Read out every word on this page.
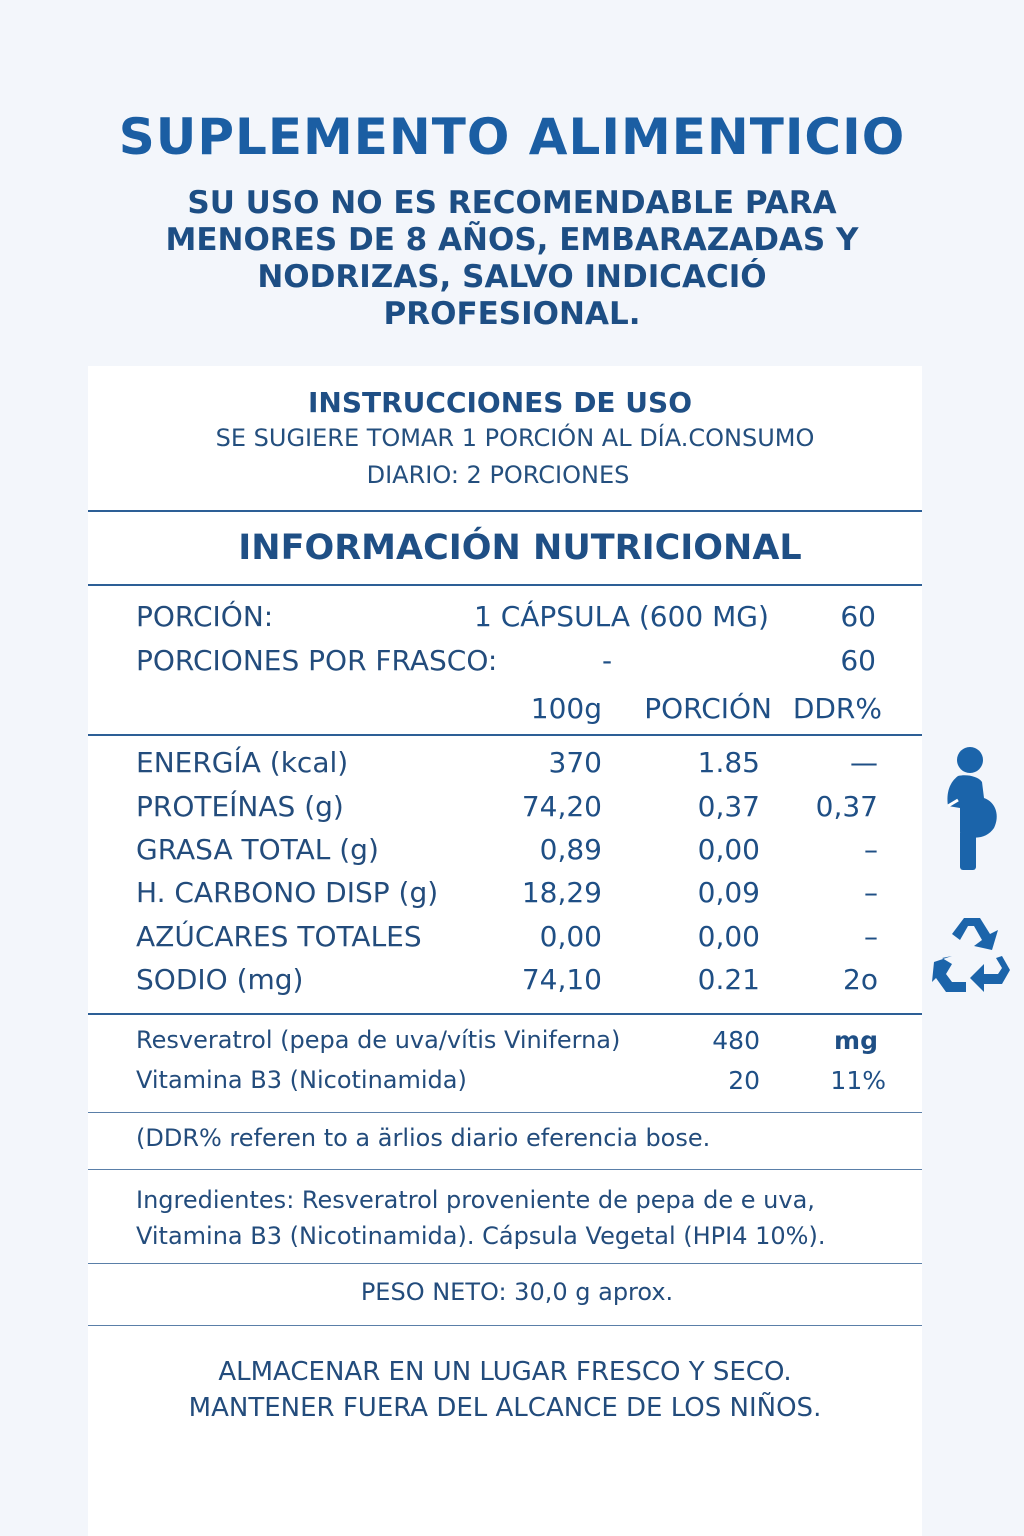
SUPLEMENTO ALIMENTICIO
SU USO NO ES RECOMENDABLE PARA
MENORES DE 8 AÑOS, EMBARAZADAS Y
NODRIZAS, SALVO INDICACIÓ
PROFESIONAL.
INSTRUCCIONES DE USO
SE SUGIERE TOMAR 1 PORCIÓN AL DÍA.CONSUMO
DIARIO: 2 PORCIONES
INFORMACIÓN NUTRICIONAL
PORCIÓN:	1 CÁPSULA (600 MG)	60
PORCIONES POR FRASCO:	-	60
100g PORCIÓN DDR%
ENERGÍA (kcal)	370	1.85	—
PROTEÍNAS (g)	74,20	0,37 0,37
GRASA TOTAL (g)	0,89	0,00	–
H. CARBONO DISP (g)	18,29	0,09	–
AZÚCARES TOTALES	0,00	0,00	–
SODIO (mg)	74,10	0.21	2o
Resveratrol (pepa de uva/vítis Viniferna)	480	mg
Vitamina B3 (Nicotinamida)	20	11%
(DDR% referen to a ärlios diario eferencia bose.
Ingredientes: Resveratrol proveniente de pepa de e uva,
Vitamina B3 (Nicotinamida). Cápsula Vegetal (HPI4 10%).
PESO NETO: 30,0 g aprox.
ALMACENAR EN UN LUGAR FRESCO Y SECO.
MANTENER FUERA DEL ALCANCE DE LOS NIÑOS.
